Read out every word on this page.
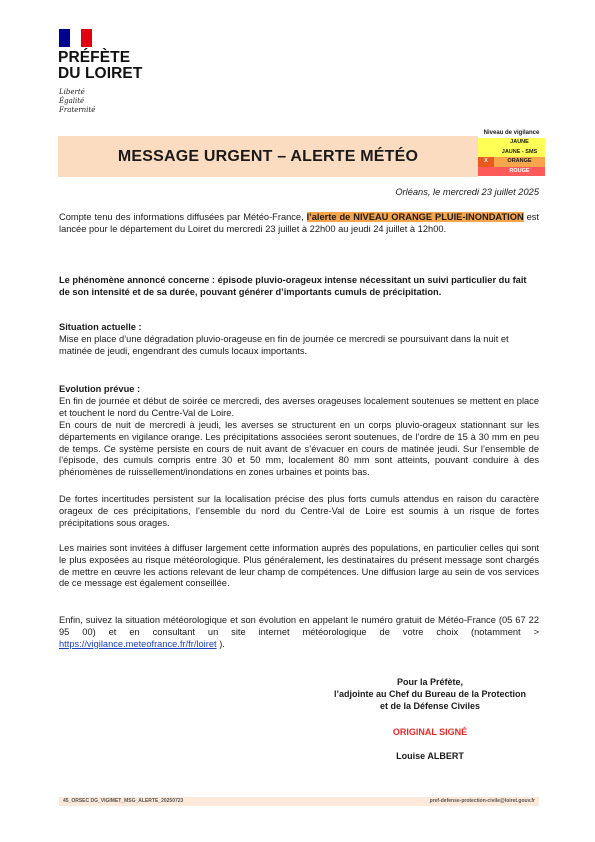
PRÉFÈTE
DU LOIRET
Liberté
Égalité
Fraternité
MESSAGE URGENT – ALERTE MÉTÉO
Niveau de vigilance
JAUNE
JAUNE - SMS
X	ORANGE
ROUGE
Orléans, le mercredi 23 juillet 2025
Compte tenu des informations diffusées par Météo-France, l’alerte de NIVEAU ORANGE PLUIE-INONDATION est lancée pour le département du Loiret du mercredi 23 juillet à 22h00 au jeudi 24 juillet à 12h00.
Le phénomène annoncé concerne : épisode pluvio-orageux intense nécessitant un suivi particulier du fait de son intensité et de sa durée, pouvant générer d’importants cumuls de précipitation.
Situation actuelle :
Mise en place d’une dégradation pluvio-orageuse en fin de journée ce mercredi se poursuivant dans la nuit et matinée de jeudi, engendrant des cumuls locaux importants.
Evolution prévue :
En fin de journée et début de soirée ce mercredi, des averses orageuses localement soutenues se mettent en place et touchent le nord du Centre-Val de Loire.
En cours de nuit de mercredi à jeudi, les averses se structurent en un corps pluvio-orageux stationnant sur les départements en vigilance orange. Les précipitations associées seront soutenues, de l’ordre de 15 à 30 mm en peu de temps. Ce système persiste en cours de nuit avant de s’évacuer en cours de matinée jeudi. Sur l’ensemble de l’épisode, des cumuls compris entre 30 et 50 mm, localement 80 mm sont atteints, pouvant conduire à des phénomènes de ruissellement/inondations en zones urbaines et points bas.
De fortes incertitudes persistent sur la localisation précise des plus forts cumuls attendus en raison du caractère orageux de ces précipitations, l’ensemble du nord du Centre-Val de Loire est soumis à un risque de fortes précipitations sous orages.
Les mairies sont invitées à diffuser largement cette information auprès des populations, en particulier celles qui sont le plus exposées au risque météorologique. Plus généralement, les destinataires du présent message sont chargés de mettre en œuvre les actions relevant de leur champ de compétences. Une diffusion large au sein de vos services de ce message est également conseillée.
Enfin, suivez la situation météorologique et son évolution en appelant le numéro gratuit de Météo-France (05 67 22 95 00) et en consultant un site internet météorologique de votre choix (notamment > https://vigilance.meteofrance.fr/fr/loiret ).
Pour la Préfète,
l’adjointe au Chef du Bureau de la Protection
et de la Défense Civiles
ORIGINAL SIGNÉ
Louise ALBERT
45_ORSEC DG_VIGIMET_MSG_ALERTE_20250723	pref-defense-protection-civile@loiret.gouv.fr
